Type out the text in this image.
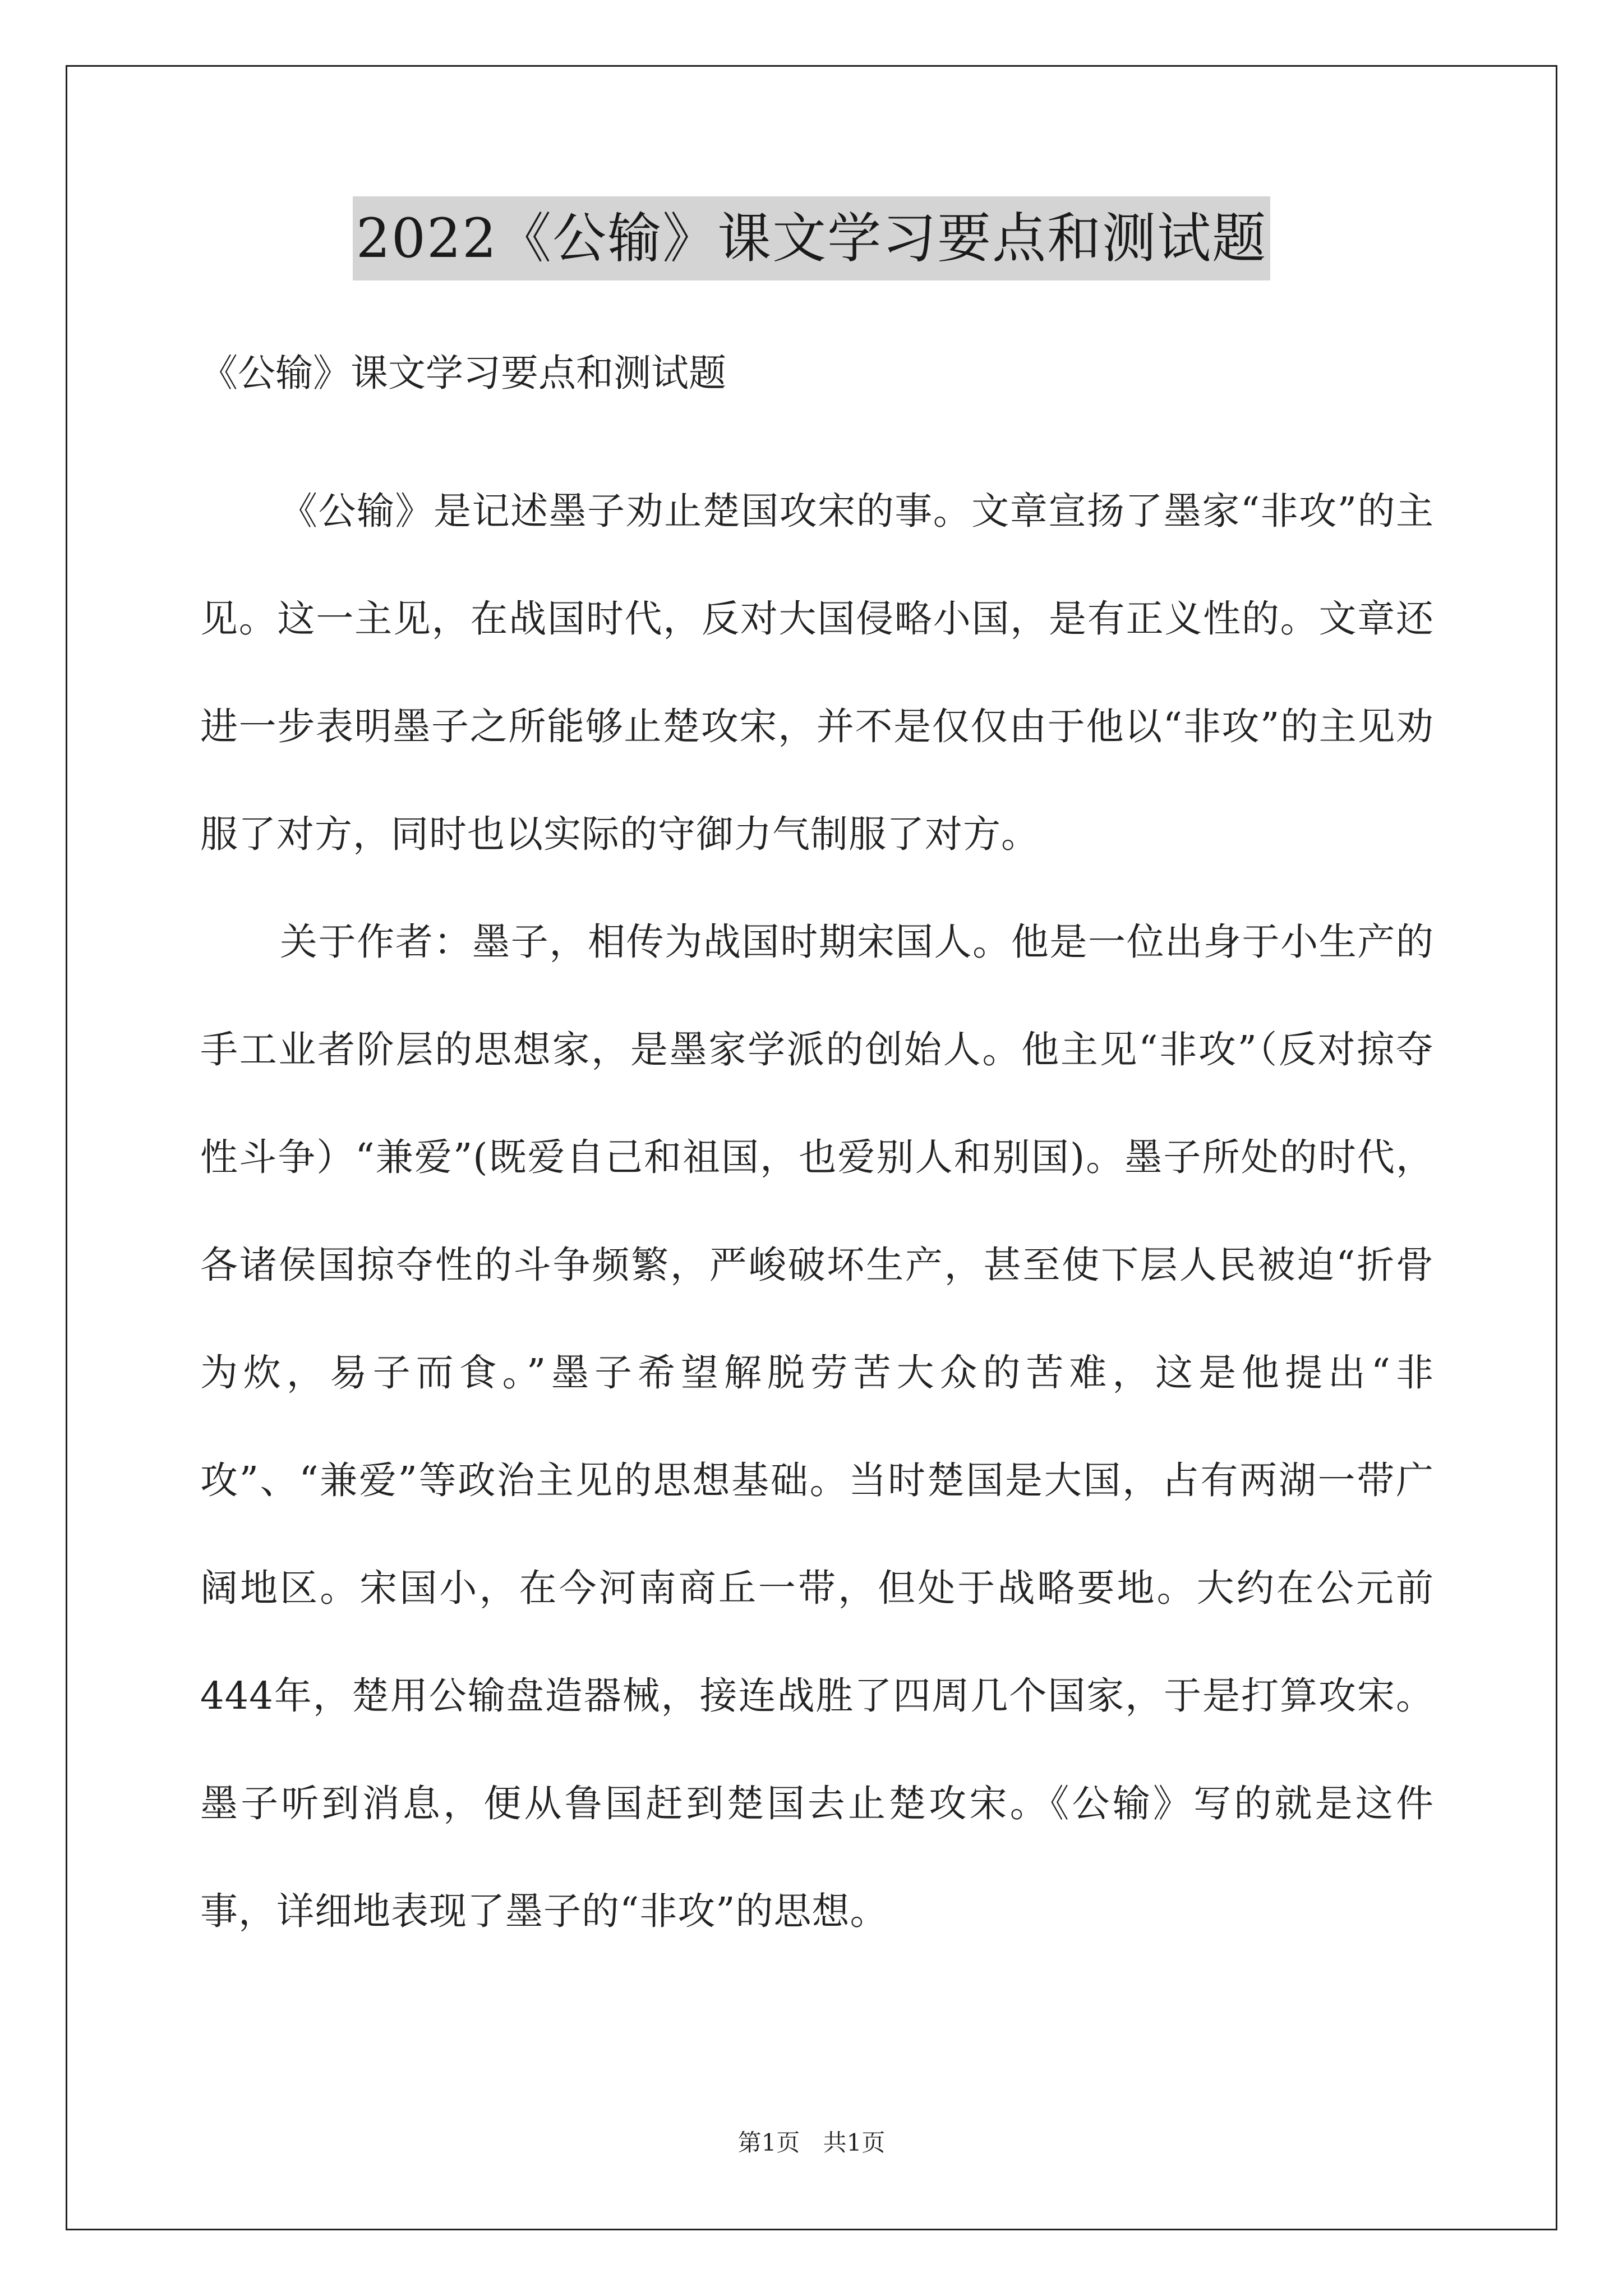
2022《公输》课文学习要点和测试题

《公输》课文学习要点和测试题

《公输》是记述墨子劝止楚国攻宋的事。文章宣扬了墨家“非攻”的主见。这一主见，在战国时代，反对大国侵略小国，是有正义性的。文章还进一步表明墨子之所能够止楚攻宋，并不是仅仅由于他以“非攻”的主见劝服了对方，同时也以实际的守御力气制服了对方。

关于作者：墨子，相传为战国时期宋国人。他是一位出身于小生产的手工业者阶层的思想家，是墨家学派的创始人。他主见“非攻”（反对掠夺性斗争）“兼爱”(既爱自己和祖国，也爱别人和别国)。墨子所处的时代，各诸侯国掠夺性的斗争频繁，严峻破坏生产，甚至使下层人民被迫“折骨为炊，易子而食。”墨子希望解脱劳苦大众的苦难，这是他提出“非攻”、“兼爱”等政治主见的思想基础。当时楚国是大国，占有两湖一带广阔地区。宋国小，在今河南商丘一带，但处于战略要地。大约在公元前444年，楚用公输盘造器械，接连战胜了四周几个国家，于是打算攻宋。墨子听到消息，便从鲁国赶到楚国去止楚攻宋。《公输》写的就是这件事，详细地表现了墨子的“非攻”的思想。

第1页 共1页
